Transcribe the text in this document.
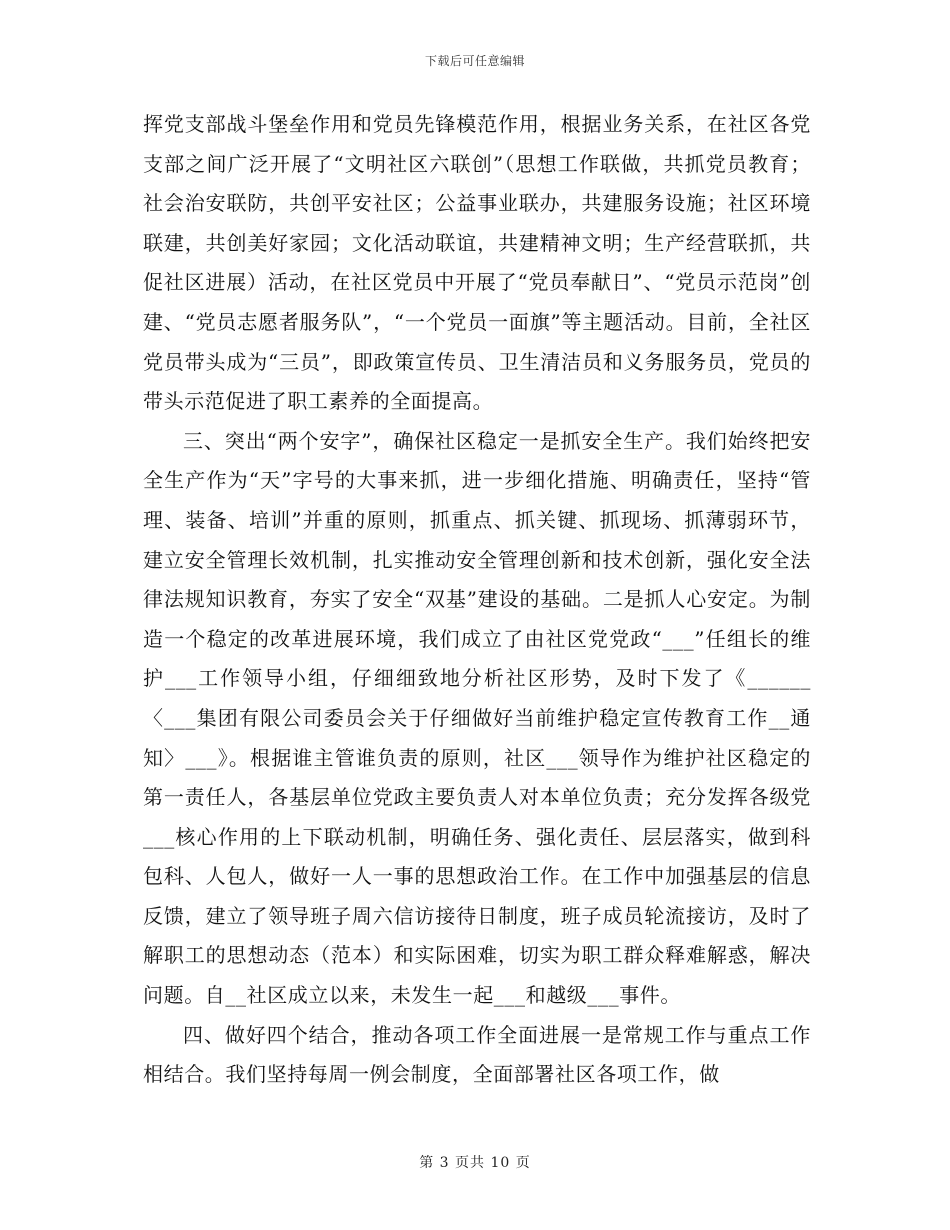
下载后可任意编辑

挥党支部战斗堡垒作用和党员先锋模范作用，根据业务关系，在社区各党支部之间广泛开展了“文明社区六联创”（思想工作联做，共抓党员教育；社会治安联防，共创平安社区；公益事业联办，共建服务设施；社区环境联建，共创美好家园；文化活动联谊，共建精神文明；生产经营联抓，共促社区进展）活动，在社区党员中开展了“党员奉献日”、“党员示范岗”创建、“党员志愿者服务队”，“一个党员一面旗”等主题活动。目前，全社区党员带头成为“三员”，即政策宣传员、卫生清洁员和义务服务员，党员的带头示范促进了职工素养的全面提高。

三、突出“两个安字”，确保社区稳定一是抓安全生产。我们始终把安全生产作为“天”字号的大事来抓，进一步细化措施、明确责任，坚持“管理、装备、培训”并重的原则，抓重点、抓关键、抓现场、抓薄弱环节，建立安全管理长效机制，扎实推动安全管理创新和技术创新，强化安全法律法规知识教育，夯实了安全“双基”建设的基础。二是抓人心安定。为制造一个稳定的改革进展环境，我们成立了由社区党党政“___”任组长的维护___工作领导小组，仔细细致地分析社区形势，及时下发了《______〈___集团有限公司委员会关于仔细做好当前维护稳定宣传教育工作__通知〉___》。根据谁主管谁负责的原则，社区___领导作为维护社区稳定的第一责任人，各基层单位党政主要负责人对本单位负责；充分发挥各级党___核心作用的上下联动机制，明确任务、强化责任、层层落实，做到科包科、人包人，做好一人一事的思想政治工作。在工作中加强基层的信息反馈，建立了领导班子周六信访接待日制度，班子成员轮流接访，及时了解职工的思想动态（范本）和实际困难，切实为职工群众释难解惑，解决问题。自__社区成立以来，未发生一起___和越级___事件。

四、做好四个结合，推动各项工作全面进展一是常规工作与重点工作相结合。我们坚持每周一例会制度，全面部署社区各项工作，做

第 3 页共 10 页
